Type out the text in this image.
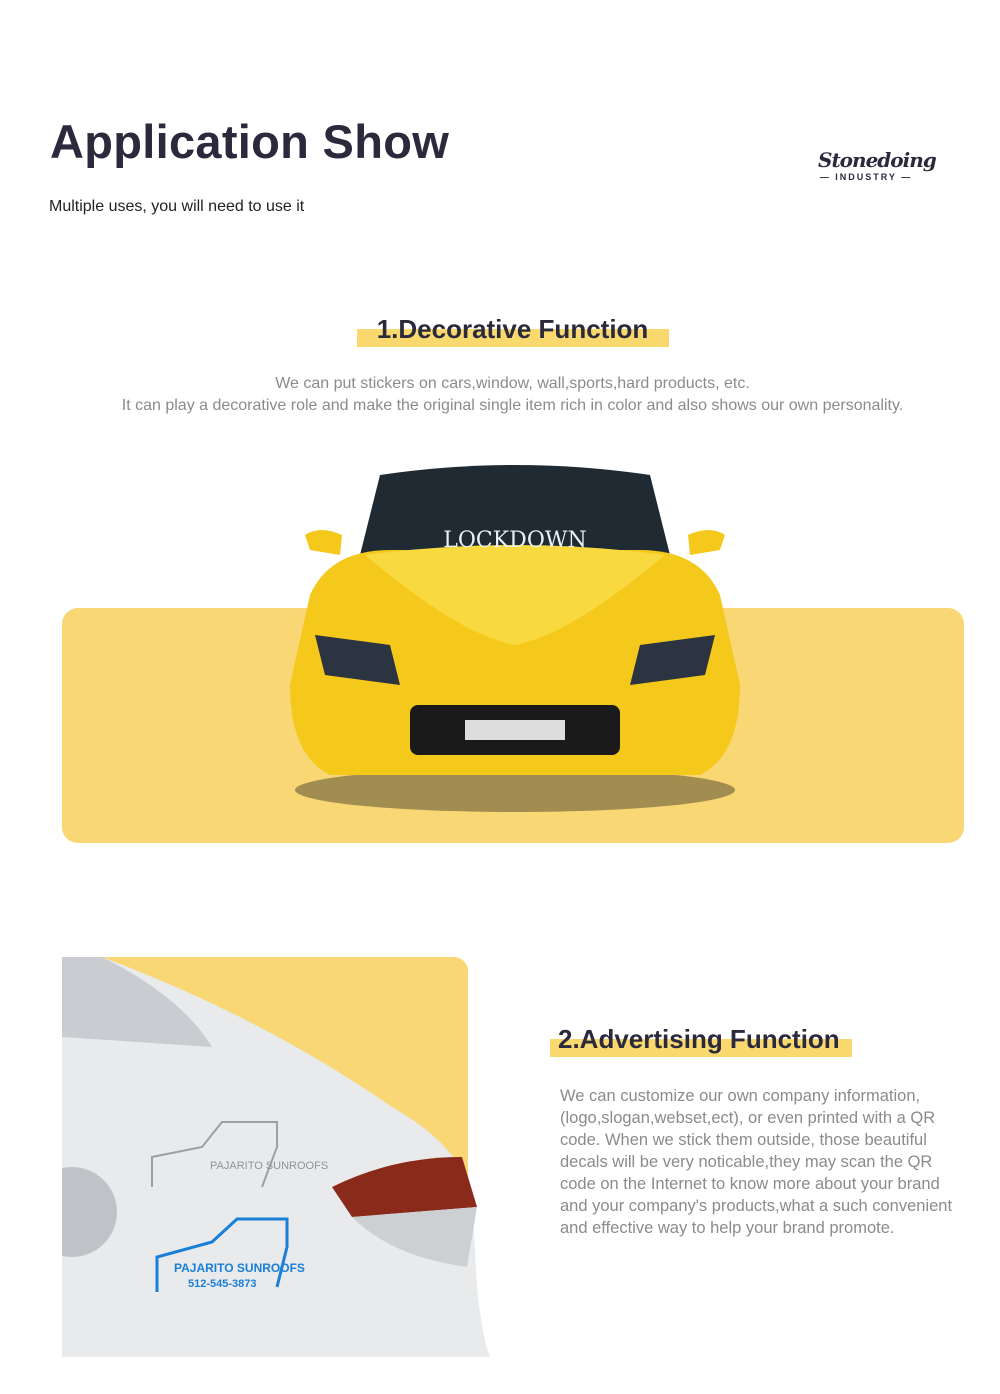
Application Show
Multiple uses, you will need to use it
Stonedoing
— INDUSTRY —
1.Decorative Function
We can put stickers on cars,window, wall,sports,hard products, etc.
It can play a decorative role and make the original single item rich in color and also shows our own personality.
LOCKDOWN
PAJARITO SUNROOFS
PAJARITO SUNROOFS
512-545-3873
2.Advertising Function
We can customize our own company information, (logo,slogan,webset,ect), or even printed with a QR code. When we stick them outside, those beautiful decals will be very noticable,they may scan the QR code on the Internet to know more about your brand and your company's products,what a such convenient and effective way to help your brand promote.
